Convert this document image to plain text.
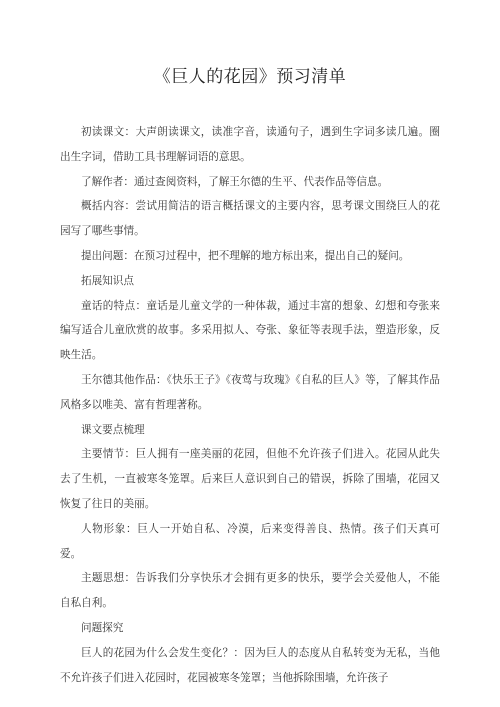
《巨人的花园》预习清单

初读课文：大声朗读课文，读准字音，读通句子，遇到生字词多读几遍。圈出生字词，借助工具书理解词语的意思。

了解作者：通过查阅资料，了解王尔德的生平、代表作品等信息。

概括内容：尝试用简洁的语言概括课文的主要内容，思考课文围绕巨人的花园写了哪些事情。

提出问题：在预习过程中，把不理解的地方标出来，提出自己的疑问。

拓展知识点

童话的特点：童话是儿童文学的一种体裁，通过丰富的想象、幻想和夸张来编写适合儿童欣赏的故事。多采用拟人、夸张、象征等表现手法，塑造形象，反映生活。

王尔德其他作品：《快乐王子》《夜莺与玫瑰》《自私的巨人》等，了解其作品风格多以唯美、富有哲理著称。

课文要点梳理

主要情节：巨人拥有一座美丽的花园，但他不允许孩子们进入。花园从此失去了生机，一直被寒冬笼罩。后来巨人意识到自己的错误，拆除了围墙，花园又恢复了往日的美丽。

人物形象：巨人一开始自私、冷漠，后来变得善良、热情。孩子们天真可爱。

主题思想：告诉我们分享快乐才会拥有更多的快乐，要学会关爱他人，不能自私自利。

问题探究

巨人的花园为什么会发生变化？：因为巨人的态度从自私转变为无私，当他不允许孩子们进入花园时，花园被寒冬笼罩；当他拆除围墙，允许孩子
